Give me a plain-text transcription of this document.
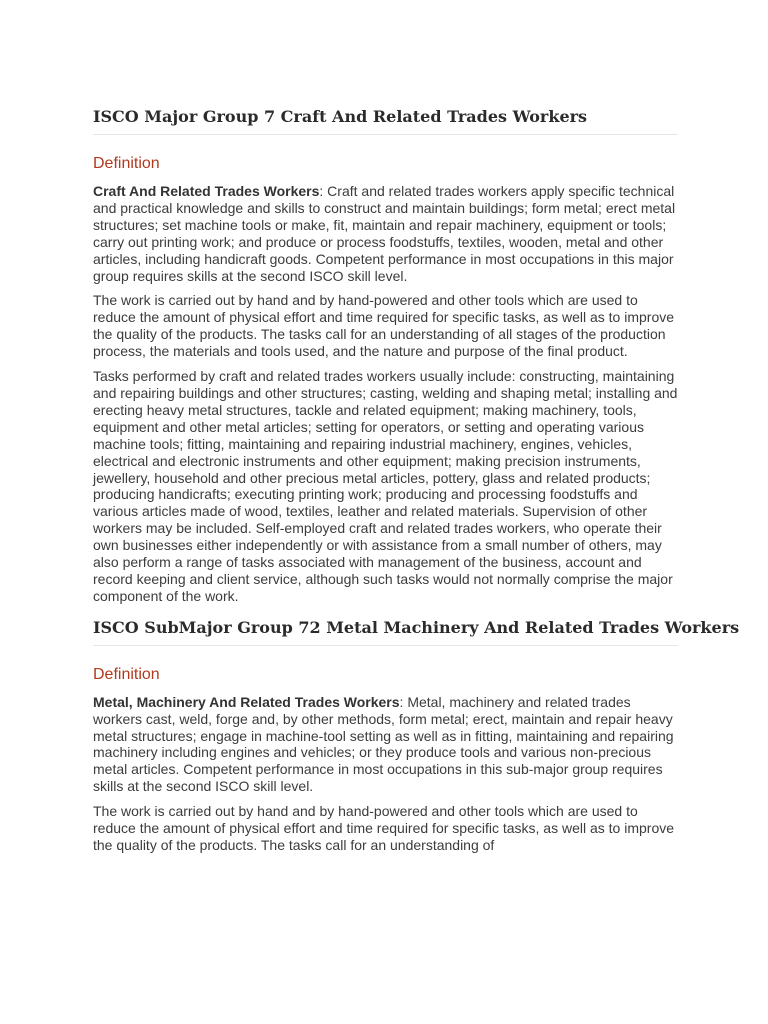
ISCO Major Group 7 Craft And Related Trades Workers
Definition

Craft And Related Trades Workers: Craft and related trades workers apply specific technical and practical knowledge and skills to construct and maintain buildings; form metal; erect metal structures; set machine tools or make, fit, maintain and repair machinery, equipment or tools; carry out printing work; and produce or process foodstuffs, textiles, wooden, metal and other articles, including handicraft goods. Competent performance in most occupations in this major group requires skills at the second ISCO skill level.

The work is carried out by hand and by hand-powered and other tools which are used to reduce the amount of physical effort and time required for specific tasks, as well as to improve the quality of the products. The tasks call for an understanding of all stages of the production process, the materials and tools used, and the nature and purpose of the final product.

Tasks performed by craft and related trades workers usually include: constructing, maintaining and repairing buildings and other structures; casting, welding and shaping metal; installing and erecting heavy metal structures, tackle and related equipment; making machinery, tools, equipment and other metal articles; setting for operators, or setting and operating various machine tools; fitting, maintaining and repairing industrial machinery, engines, vehicles, electrical and electronic instruments and other equipment; making precision instruments, jewellery, household and other precious metal articles, pottery, glass and related products; producing handicrafts; executing printing work; producing and processing foodstuffs and various articles made of wood, textiles, leather and related materials. Supervision of other workers may be included. Self-employed craft and related trades workers, who operate their own businesses either independently or with assistance from a small number of others, may also perform a range of tasks associated with management of the business, account and record keeping and client service, although such tasks would not normally comprise the major component of the work.

ISCO SubMajor Group 72 Metal Machinery And Related Trades Workers
Definition

Metal, Machinery And Related Trades Workers: Metal, machinery and related trades workers cast, weld, forge and, by other methods, form metal; erect, maintain and repair heavy metal structures; engage in machine-tool setting as well as in fitting, maintaining and repairing machinery including engines and vehicles; or they produce tools and various non-precious metal articles. Competent performance in most occupations in this sub-major group requires skills at the second ISCO skill level.

The work is carried out by hand and by hand-powered and other tools which are used to reduce the amount of physical effort and time required for specific tasks, as well as to improve the quality of the products. The tasks call for an understanding of
